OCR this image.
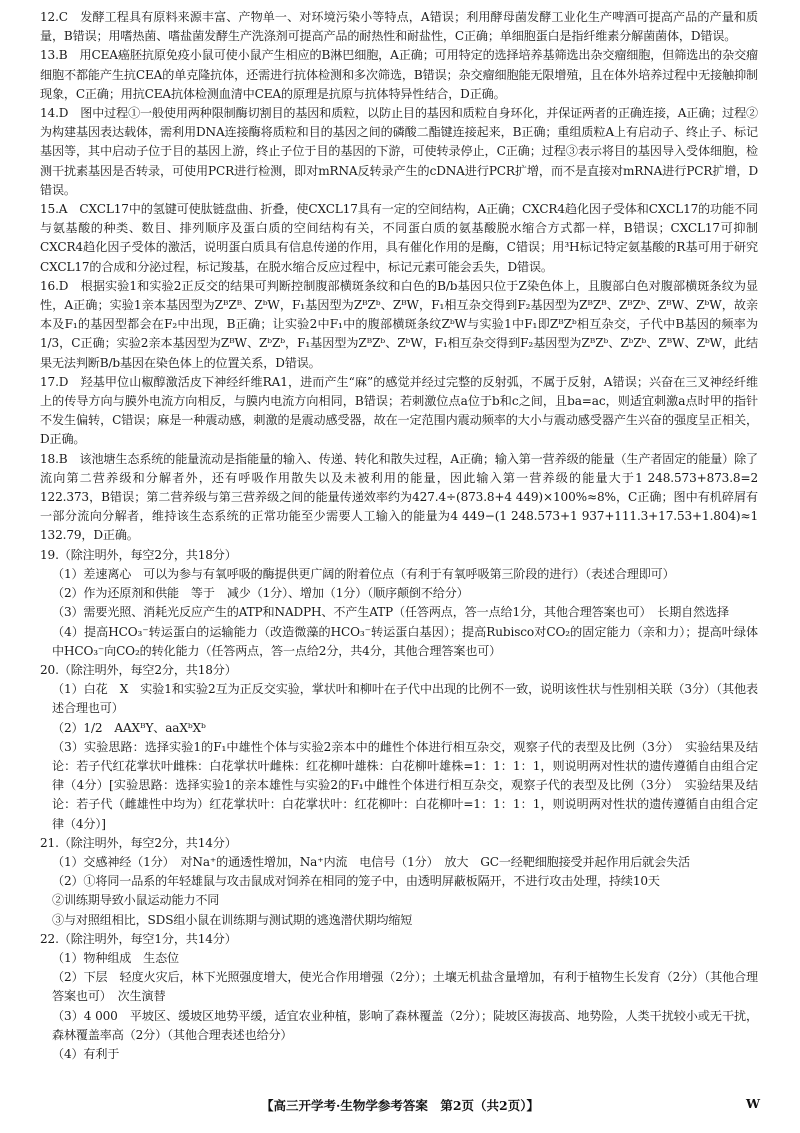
12.C　发酵工程具有原料来源丰富、产物单一、对环境污染小等特点，A错误；利用酵母菌发酵工业化生产啤酒可提高产品的产量和质量，B错误；用嗜热菌、嗜盐菌发酵生产洗涤剂可提高产品的耐热性和耐盐性，C正确；单细胞蛋白是指纤维素分解菌菌体，D错误。

13.B　用CEA癌胚抗原免疫小鼠可使小鼠产生相应的B淋巴细胞，A正确；可用特定的选择培养基筛选出杂交瘤细胞，但筛选出的杂交瘤细胞不都能产生抗CEA的单克隆抗体，还需进行抗体检测和多次筛选，B错误；杂交瘤细胞能无限增殖，且在体外培养过程中无接触抑制现象，C正确；用抗CEA抗体检测血清中CEA的原理是抗原与抗体特异性结合，D正确。

14.D　图中过程①一般使用两种限制酶切割目的基因和质粒，以防止目的基因和质粒自身环化，并保证两者的正确连接，A正确；过程②为构建基因表达载体，需利用DNA连接酶将质粒和目的基因之间的磷酸二酯键连接起来，B正确；重组质粒A上有启动子、终止子、标记基因等，其中启动子位于目的基因上游，终止子位于目的基因的下游，可使转录停止，C正确；过程③表示将目的基因导入受体细胞，检测干扰素基因是否转录，可使用PCR进行检测，即对mRNA反转录产生的cDNA进行PCR扩增，而不是直接对mRNA进行PCR扩增，D错误。

15.A　CXCL17中的氢键可使肽链盘曲、折叠，使CXCL17具有一定的空间结构，A正确；CXCR4趋化因子受体和CXCL17的功能不同与氨基酸的种类、数目、排列顺序及蛋白质的空间结构有关，不同蛋白质的氨基酸脱水缩合方式都一样，B错误；CXCL17可抑制CXCR4趋化因子受体的激活，说明蛋白质具有信息传递的作用，具有催化作用的是酶，C错误；用³H标记特定氨基酸的R基可用于研究CXCL17的合成和分泌过程，标记羧基，在脱水缩合反应过程中，标记元素可能会丢失，D错误。

16.D　根据实验1和实验2正反交的结果可判断控制腹部横斑条纹和白色的B/b基因只位于Z染色体上，且腹部白色对腹部横斑条纹为显性，A正确；实验1亲本基因型为ZᴮZᴮ、ZᵇW，F₁基因型为ZᴮZᵇ、ZᴮW，F₁相互杂交得到F₂基因型为ZᴮZᴮ、ZᴮZᵇ、ZᴮW、ZᵇW，故亲本及F₁的基因型都会在F₂中出现，B正确；让实验2中F₁中的腹部横斑条纹ZᵇW与实验1中F₁即ZᴮZᵇ相互杂交，子代中B基因的频率为1/3，C正确；实验2亲本基因型为ZᴮW、ZᵇZᵇ，F₁基因型为ZᴮZᵇ、ZᵇW，F₁相互杂交得到F₂基因型为ZᴮZᵇ、ZᵇZᵇ、ZᴮW、ZᵇW，此结果无法判断B/b基因在染色体上的位置关系，D错误。

17.D　羟基甲位山椒醇激活皮下神经纤维RA1，进而产生“麻”的感觉并经过完整的反射弧，不属于反射，A错误；兴奋在三叉神经纤维上的传导方向与膜外电流方向相反，与膜内电流方向相同，B错误；若刺激位点a位于b和c之间，且ba=ac，则适宜刺激a点时甲的指针不发生偏转，C错误；麻是一种震动感，刺激的是震动感受器，故在一定范围内震动频率的大小与震动感受器产生兴奋的强度呈正相关，D正确。

18.B　该池塘生态系统的能量流动是指能量的输入、传递、转化和散失过程，A正确；输入第一营养级的能量（生产者固定的能量）除了流向第二营养级和分解者外，还有呼吸作用散失以及未被利用的能量，因此输入第一营养级的能量大于1 248.573+873.8=2 122.373，B错误；第二营养级与第三营养级之间的能量传递效率约为427.4÷(873.8+4 449)×100%≈8%，C正确；图中有机碎屑有一部分流向分解者，维持该生态系统的正常功能至少需要人工输入的能量为4 449−(1 248.573+1 937+111.3+17.53+1.804)≈1 132.79，D正确。

19.（除注明外，每空2分，共18分）

（1）差速离心　可以为参与有氧呼吸的酶提供更广阔的附着位点（有利于有氧呼吸第三阶段的进行）（表述合理即可）

（2）作为还原剂和供能　等于　减少（1分）、增加（1分）（顺序颠倒不给分）

（3）需要光照、消耗光反应产生的ATP和NADPH、不产生ATP（任答两点，答一点给1分，其他合理答案也可）　长期自然选择

（4）提高HCO₃⁻转运蛋白的运输能力（改造微藻的HCO₃⁻转运蛋白基因）；提高Rubisco对CO₂的固定能力（亲和力）；提高叶绿体中HCO₃⁻向CO₂的转化能力（任答两点，答一点给2分，共4分，其他合理答案也可）

20.（除注明外，每空2分，共18分）

（1）白花　X　实验1和实验2互为正反交实验，掌状叶和柳叶在子代中出现的比例不一致，说明该性状与性别相关联（3分）（其他表述合理也可）

（2）1/2　AAXᴮY、aaXᵇXᵇ

（3）实验思路：选择实验1的F₁中雄性个体与实验2亲本中的雌性个体进行相互杂交，观察子代的表型及比例（3分）　实验结果及结论：若子代红花掌状叶雌株：白花掌状叶雌株：红花柳叶雄株：白花柳叶雄株=1：1：1：1，则说明两对性状的遗传遵循自由组合定律（4分）[实验思路：选择实验1的亲本雄性与实验2的F₁中雌性个体进行相互杂交，观察子代的表型及比例（3分）　实验结果及结论：若子代（雌雄性中均为）红花掌状叶：白花掌状叶：红花柳叶：白花柳叶=1：1：1：1，则说明两对性状的遗传遵循自由组合定律（4分）]

21.（除注明外，每空2分，共14分）

（1）交感神经（1分）　对Na⁺的通透性增加，Na⁺内流　电信号（1分）　放大　GC一经靶细胞接受并起作用后就会失活

（2）①将同一品系的年轻雄鼠与攻击鼠成对饲养在相同的笼子中，由透明屏蔽板隔开，不进行攻击处理，持续10天

②训练期导致小鼠运动能力不同

③与对照组相比，SDS组小鼠在训练期与测试期的逃逸潜伏期均缩短

22.（除注明外，每空1分，共14分）

（1）物种组成　生态位

（2）下层　轻度火灾后，林下光照强度增大，使光合作用增强（2分）；土壤无机盐含量增加，有利于植物生长发育（2分）（其他合理答案也可）　次生演替

（3）4 000　平坡区、缓坡区地势平缓，适宜农业种植，影响了森林覆盖（2分）；陡坡区海拔高、地势险，人类干扰较小或无干扰，森林覆盖率高（2分）（其他合理表述也给分）

（4）有利于

【高三开学考·生物学参考答案　第2页（共2页）】	W
